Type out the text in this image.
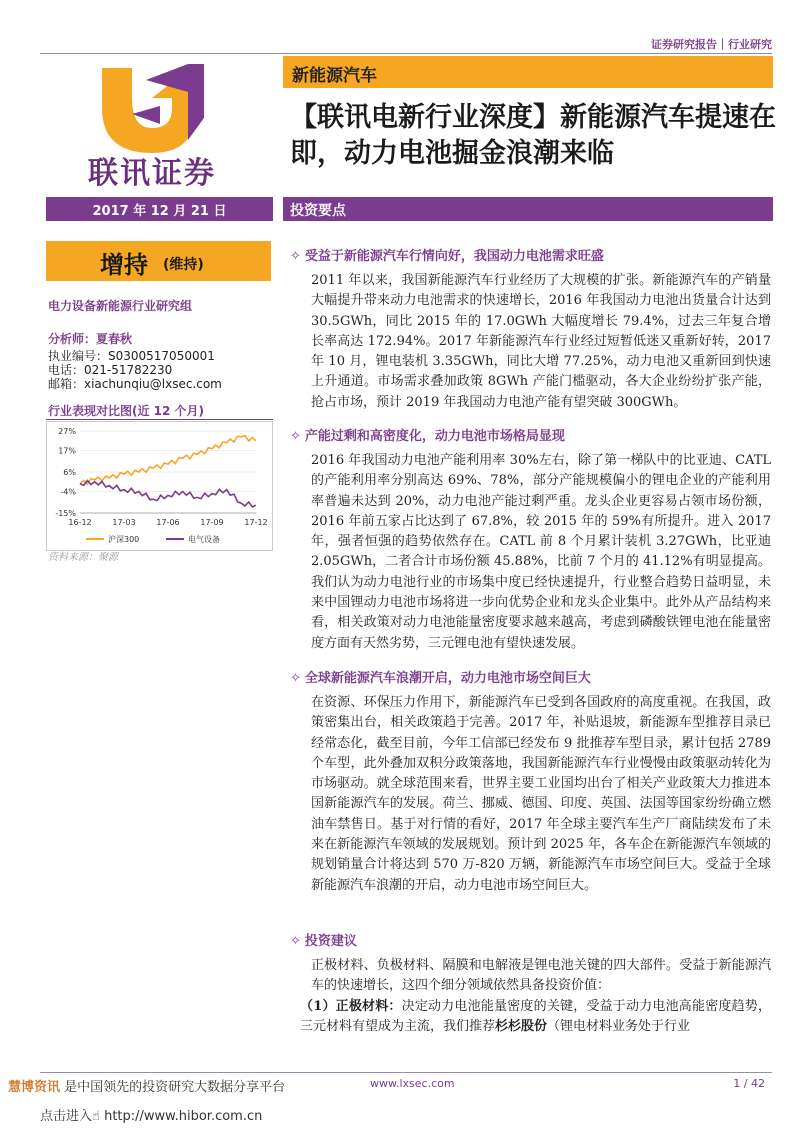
证券研究报告｜行业研究
联讯证券
新能源汽车
【联讯电新行业深度】新能源汽车提速在即，动力电池掘金浪潮来临
2017 年 12 月 21 日	投资要点
增持 (维持)
电力设备新能源行业研究组
分析师：夏春秋
执业编号：S0300517050001
电话：021-51782230
邮箱：xiachunqiu@lxsec.com
行业表现对比图(近 12 个月)
27%
17%
6%
-4%
-15%
16-12	17-03	17-06	17-09	17-12
沪深300	电气设备
资料来源：聚源
✧ 受益于新能源汽车行情向好，我国动力电池需求旺盛
2011 年以来，我国新能源汽车行业经历了大规模的扩张。新能源汽车的产销量大幅提升带来动力电池需求的快速增长，2016 年我国动力电池出货量合计达到 30.5GWh，同比 2015 年的 17.0GWh 大幅度增长 79.4%，过去三年复合增长率高达 172.94%。2017 年新能源汽车行业经过短暂低迷又重新好转，2017 年 10 月，锂电装机 3.35GWh，同比大增 77.25%，动力电池又重新回到快速上升通道。市场需求叠加政策 8GWh 产能门槛驱动，各大企业纷纷扩张产能，抢占市场，预计 2019 年我国动力电池产能有望突破 300GWh。
✧ 产能过剩和高密度化，动力电池市场格局显现
2016 年我国动力电池产能利用率 30%左右，除了第一梯队中的比亚迪、CATL 的产能利用率分别高达 69%、78%，部分产能规模偏小的锂电企业的产能利用率普遍未达到 20%，动力电池产能过剩严重。龙头企业更容易占领市场份额，2016 年前五家占比达到了 67.8%，较 2015 年的 59%有所提升。进入 2017 年，强者恒强的趋势依然存在。CATL 前 8 个月累计装机 3.27GWh，比亚迪 2.05GWh，二者合计市场份额 45.88%，比前 7 个月的 41.12%有明显提高。我们认为动力电池行业的市场集中度已经快速提升，行业整合趋势日益明显，未来中国锂动力电池市场将进一步向优势企业和龙头企业集中。此外从产品结构来看，相关政策对动力电池能量密度要求越来越高，考虑到磷酸铁锂电池在能量密度方面有天然劣势，三元锂电池有望快速发展。
✧ 全球新能源汽车浪潮开启，动力电池市场空间巨大
在资源、环保压力作用下，新能源汽车已受到各国政府的高度重视。在我国，政策密集出台，相关政策趋于完善。2017 年，补贴退坡，新能源车型推荐目录已经常态化，截至目前，今年工信部已经发布 9 批推荐车型目录，累计包括 2789 个车型，此外叠加双积分政策落地，我国新能源汽车行业慢慢由政策驱动转化为市场驱动。就全球范围来看，世界主要工业国均出台了相关产业政策大力推进本国新能源汽车的发展。荷兰、挪威、德国、印度、英国、法国等国家纷纷确立燃油车禁售日。基于对行情的看好，2017 年全球主要汽车生产厂商陆续发布了未来在新能源汽车领域的发展规划。预计到 2025 年，各车企在新能源汽车领域的规划销量合计将达到 570 万-820 万辆，新能源汽车市场空间巨大。受益于全球新能源汽车浪潮的开启，动力电池市场空间巨大。
✧ 投资建议
正极材料、负极材料、隔膜和电解液是锂电池关键的四大部件。受益于新能源汽车的快速增长，这四个细分领域依然具备投资价值：
（1）正极材料：决定动力电池能量密度的关键，受益于动力电池高能密度趋势，三元材料有望成为主流，我们推荐杉杉股份（锂电材料业务处于行业
慧博资讯 是中国领先的投资研究大数据分享平台	www.lxsec.com	1 / 42
点击进入☝ http://www.hibor.com.cn
